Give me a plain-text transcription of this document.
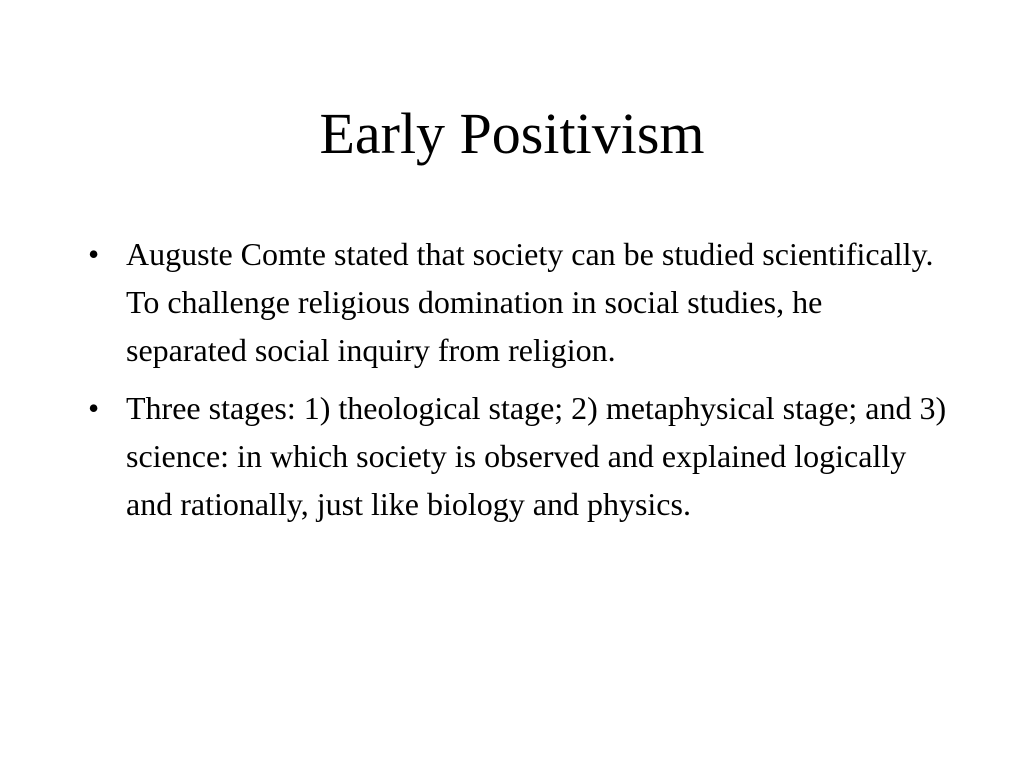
Early Positivism
• Auguste Comte stated that society can be studied scientifically. To challenge religious domination in social studies, he separated social inquiry from religion.
• Three stages: 1) theological stage; 2) metaphysical stage; and 3) science: in which society is observed and explained logically and rationally, just like biology and physics.
